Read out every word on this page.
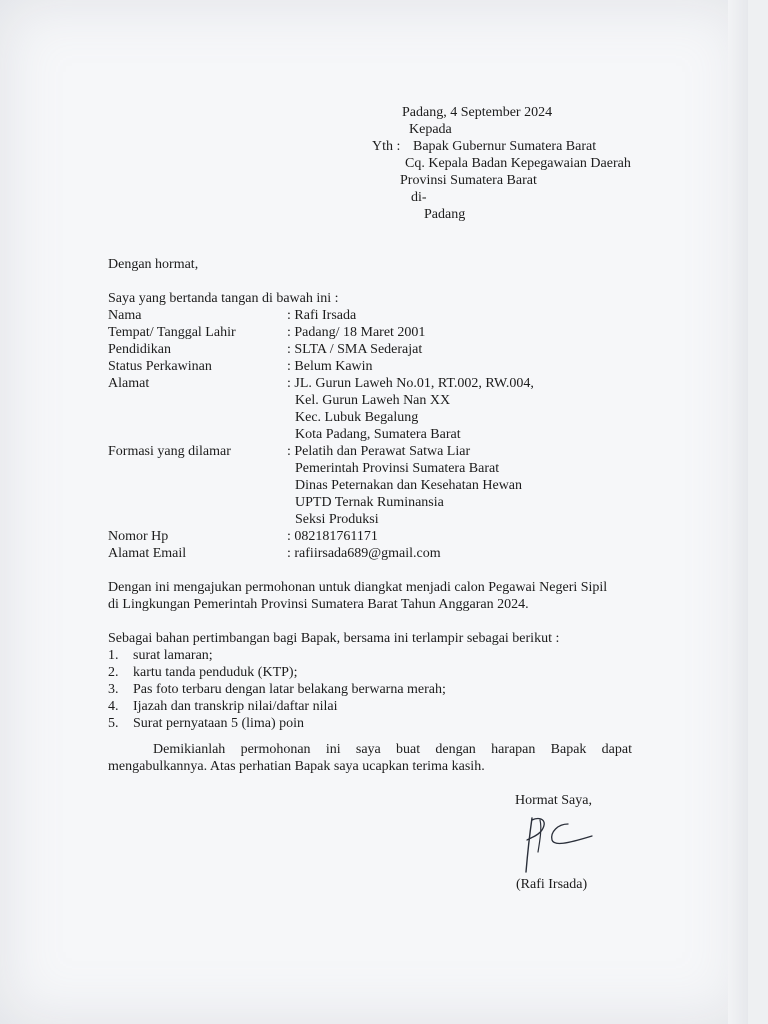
Padang, 4 September 2024
Kepada
Yth : Bapak Gubernur Sumatera Barat
Cq. Kepala Badan Kepegawaian Daerah
Provinsi Sumatera Barat
di-
Padang
Dengan hormat,
Saya yang bertanda tangan di bawah ini :
Nama	: Rafi Irsada
Tempat/ Tanggal Lahir	: Padang/ 18 Maret 2001
Pendidikan	: SLTA / SMA Sederajat
Status Perkawinan	: Belum Kawin
Alamat	: JL. Gurun Laweh No.01, RT.002, RW.004,
Kel. Gurun Laweh Nan XX
Kec. Lubuk Begalung
Kota Padang, Sumatera Barat
Formasi yang dilamar	: Pelatih dan Perawat Satwa Liar
Pemerintah Provinsi Sumatera Barat
Dinas Peternakan dan Kesehatan Hewan
UPTD Ternak Ruminansia
Seksi Produksi
Nomor Hp	: 082181761171
Alamat Email	: rafiirsada689@gmail.com
Dengan ini mengajukan permohonan untuk diangkat menjadi calon Pegawai Negeri Sipil
di Lingkungan Pemerintah Provinsi Sumatera Barat Tahun Anggaran 2024.
Sebagai bahan pertimbangan bagi Bapak, bersama ini terlampir sebagai berikut :
1. surat lamaran;
2. kartu tanda penduduk (KTP);
3. Pas foto terbaru dengan latar belakang berwarna merah;
4. Ijazah dan transkrip nilai/daftar nilai
5. Surat pernyataan 5 (lima) poin
Demikianlah permohonan ini saya buat dengan harapan Bapak dapat
mengabulkannya. Atas perhatian Bapak saya ucapkan terima kasih.
Hormat Saya,
(Rafi Irsada)
